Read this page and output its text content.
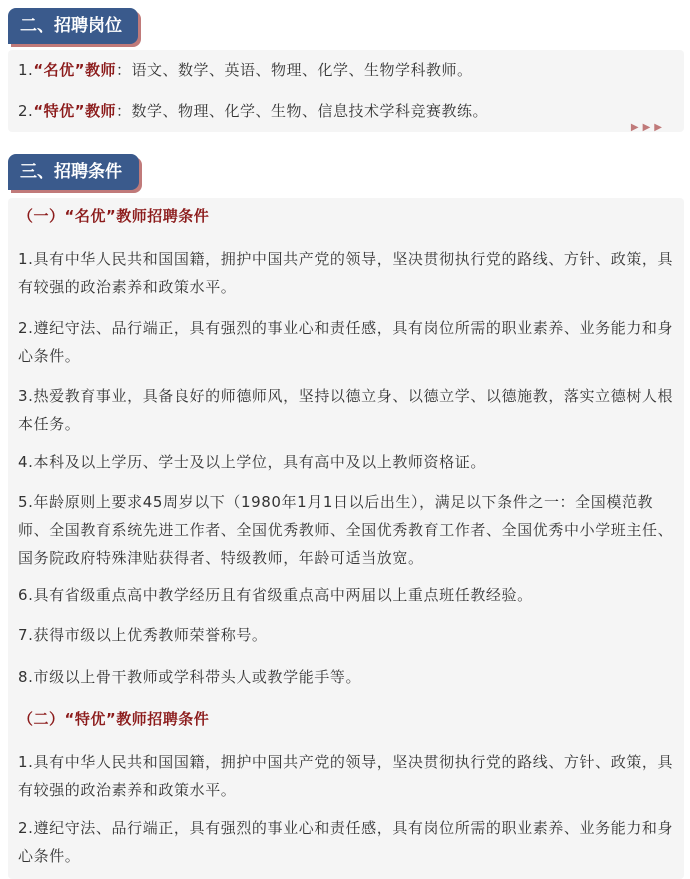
二、招聘岗位
1.“名优”教师：语文、数学、英语、物理、化学、生物学科教师。
2.“特优”教师：数学、物理、化学、生物、信息技术学科竞赛教练。
▶▶▶
三、招聘条件
（一）“名优”教师招聘条件
1.具有中华人民共和国国籍，拥护中国共产党的领导，坚决贯彻执行党的路线、方针、政策，具有较强的政治素养和政策水平。
2.遵纪守法、品行端正，具有强烈的事业心和责任感，具有岗位所需的职业素养、业务能力和身心条件。
3.热爱教育事业，具备良好的师德师风，坚持以德立身、以德立学、以德施教，落实立德树人根本任务。
4.本科及以上学历、学士及以上学位，具有高中及以上教师资格证。
5.年龄原则上要求45周岁以下（1980年1月1日以后出生），满足以下条件之一：全国模范教师、全国教育系统先进工作者、全国优秀教师、全国优秀教育工作者、全国优秀中小学班主任、国务院政府特殊津贴获得者、特级教师，年龄可适当放宽。
6.具有省级重点高中教学经历且有省级重点高中两届以上重点班任教经验。
7.获得市级以上优秀教师荣誉称号。
8.市级以上骨干教师或学科带头人或教学能手等。
（二）“特优”教师招聘条件
1.具有中华人民共和国国籍，拥护中国共产党的领导，坚决贯彻执行党的路线、方针、政策，具有较强的政治素养和政策水平。
2.遵纪守法、品行端正，具有强烈的事业心和责任感，具有岗位所需的职业素养、业务能力和身心条件。
